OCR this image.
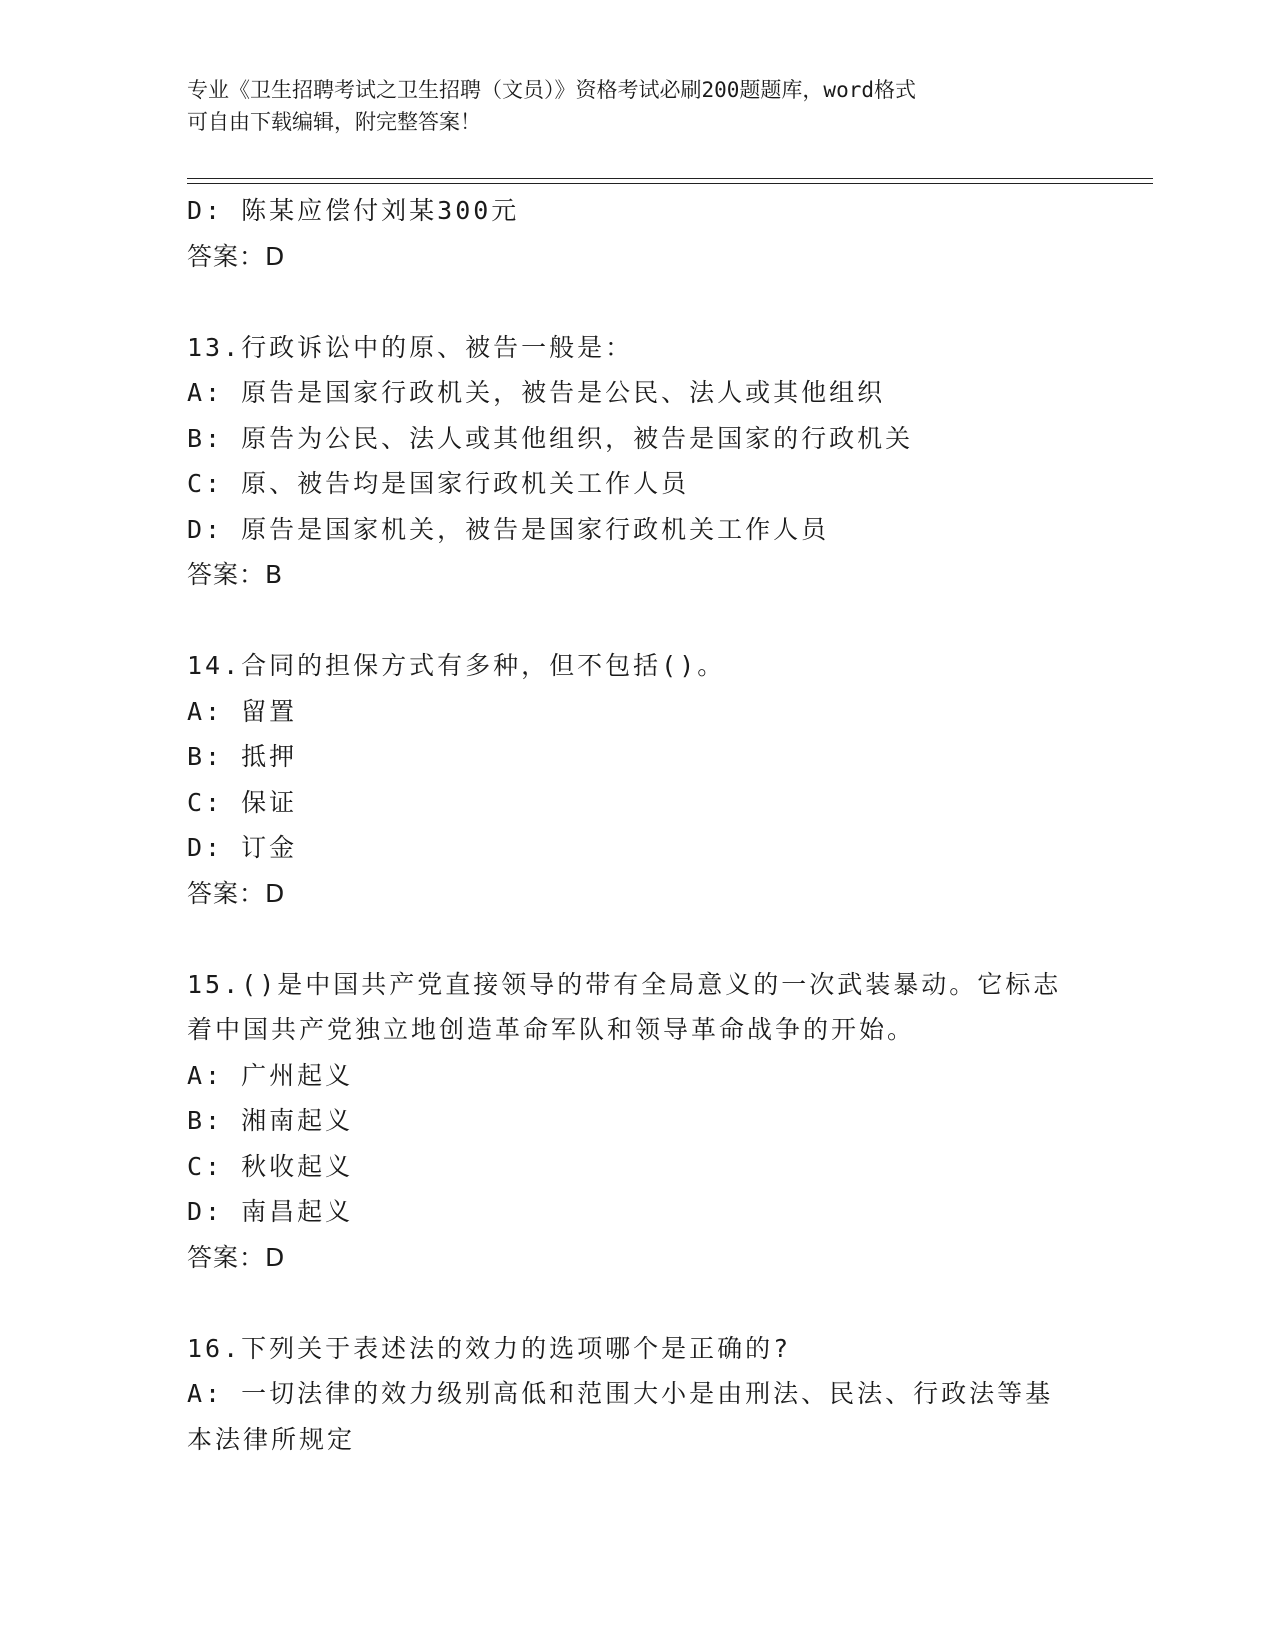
专业《卫生招聘考试之卫生招聘（文员）》资格考试必刷200题题库，word格式
可自由下载编辑，附完整答案！
D: 陈某应偿付刘某300元
答案：D
13.行政诉讼中的原、被告一般是：
A: 原告是国家行政机关，被告是公民、法人或其他组织
B: 原告为公民、法人或其他组织，被告是国家的行政机关
C: 原、被告均是国家行政机关工作人员
D: 原告是国家机关，被告是国家行政机关工作人员
答案：B
14.合同的担保方式有多种，但不包括()。
A: 留置
B: 抵押
C: 保证
D: 订金
答案：D
15.()是中国共产党直接领导的带有全局意义的一次武装暴动。它标志
着中国共产党独立地创造革命军队和领导革命战争的开始。
A: 广州起义
B: 湘南起义
C: 秋收起义
D: 南昌起义
答案：D
16.下列关于表述法的效力的选项哪个是正确的?
A: 一切法律的效力级别高低和范围大小是由刑法、民法、行政法等基
本法律所规定
